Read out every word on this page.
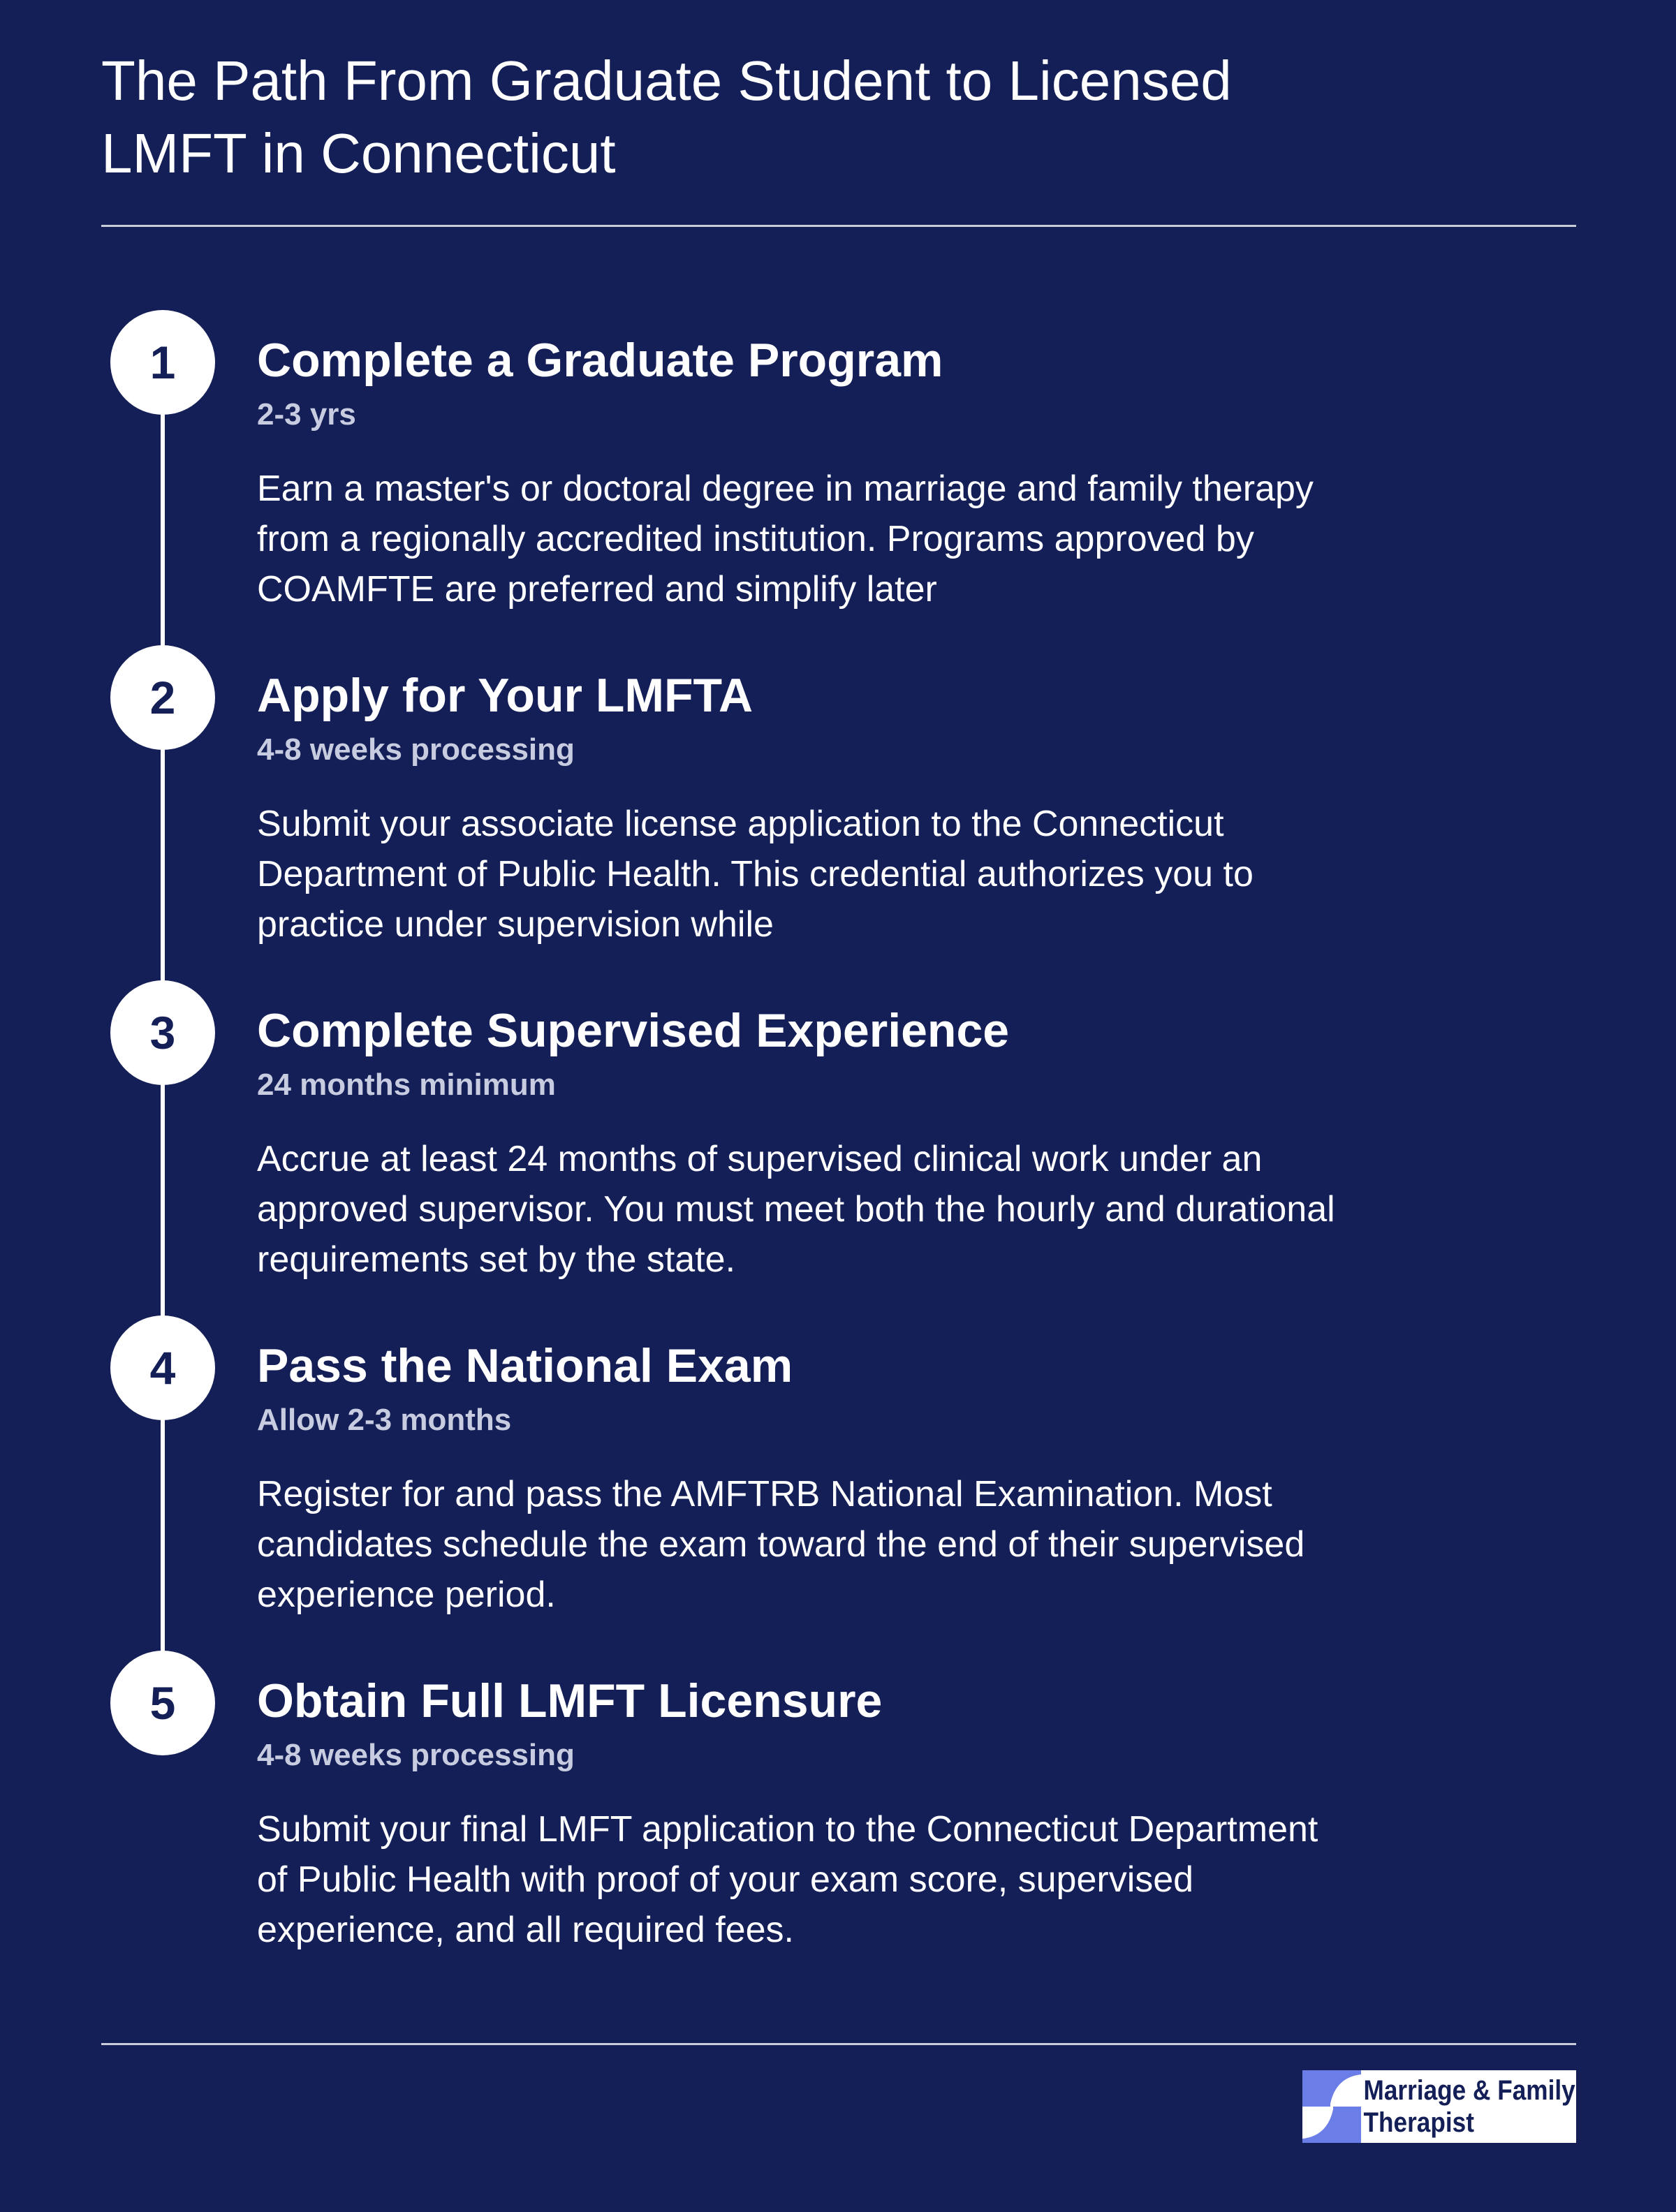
The Path From Graduate Student to Licensed LMFT in Connecticut
1	Complete a Graduate Program
2-3 yrs
Earn a master's or doctoral degree in marriage and family therapy from a regionally accredited institution. Programs approved by COAMFTE are preferred and simplify later
2	Apply for Your LMFTA
4-8 weeks processing
Submit your associate license application to the Connecticut Department of Public Health. This credential authorizes you to practice under supervision while
3	Complete Supervised Experience
24 months minimum
Accrue at least 24 months of supervised clinical work under an approved supervisor. You must meet both the hourly and durational requirements set by the state.
4	Pass the National Exam
Allow 2-3 months
Register for and pass the AMFTRB National Examination. Most candidates schedule the exam toward the end of their supervised experience period.
5	Obtain Full LMFT Licensure
4-8 weeks processing
Submit your final LMFT application to the Connecticut Department of Public Health with proof of your exam score, supervised experience, and all required fees.
Marriage & Family
Therapist
